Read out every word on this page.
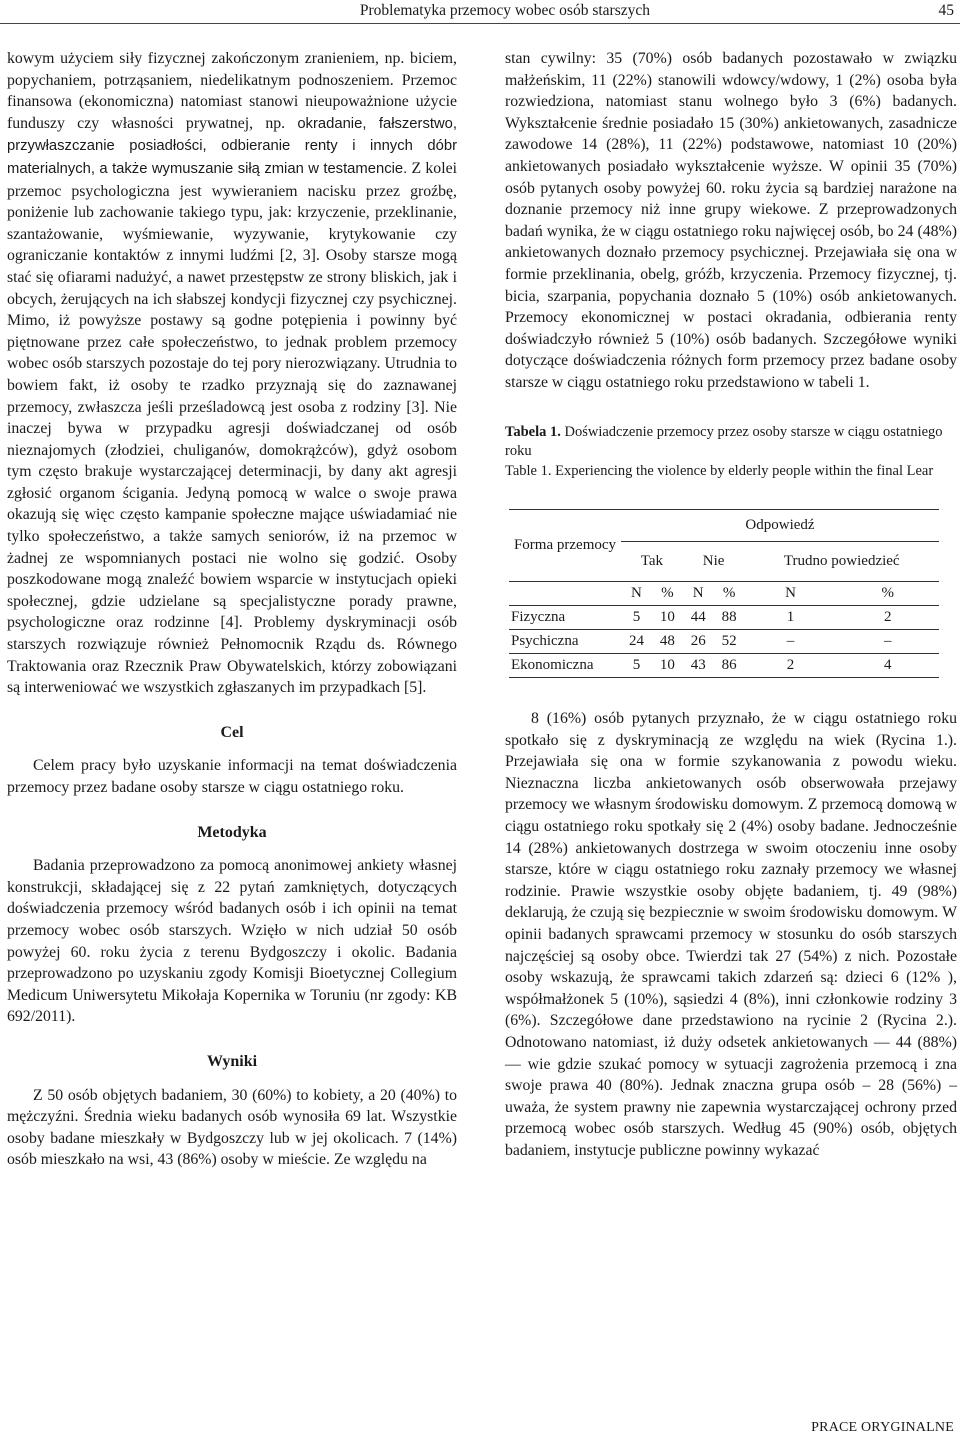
Problematyka przemocy wobec osób starszych	45

kowym użyciem siły fizycznej zakończonym zranieniem, np. biciem, popychaniem, potrząsaniem, niedelikatnym podnoszeniem. Przemoc finansowa (ekonomiczna) natomiast stanowi nieupoważnione użycie funduszy czy własności prywatnej, np. okradanie, fałszerstwo, przywłaszczanie posiadłości, odbieranie renty i innych dóbr materialnych, a także wymuszanie siłą zmian w testamencie. Z kolei przemoc psychologiczna jest wywieraniem nacisku przez groźbę, poniżenie lub zachowanie takiego typu, jak: krzyczenie, przeklinanie, szantażowanie, wyśmiewanie, wyzywanie, krytykowanie czy ograniczanie kontaktów z innymi ludźmi [2, 3]. Osoby starsze mogą stać się ofiarami nadużyć, a nawet przestępstw ze strony bliskich, jak i obcych, żerujących na ich słabszej kondycji fizycznej czy psychicznej. Mimo, iż powyższe postawy są godne potępienia i powinny być piętnowane przez całe społeczeństwo, to jednak problem przemocy wobec osób starszych pozostaje do tej pory nierozwiązany. Utrudnia to bowiem fakt, iż osoby te rzadko przyznają się do zaznawanej przemocy, zwłaszcza jeśli prześladowcą jest osoba z rodziny [3]. Nie inaczej bywa w przypadku agresji doświadczanej od osób nieznajomych (złodziei, chuliganów, domokrążców), gdyż osobom tym często brakuje wystarczającej determinacji, by dany akt agresji zgłosić organom ścigania. Jedyną pomocą w walce o swoje prawa okazują się więc często kampanie społeczne mające uświadamiać nie tylko społeczeństwo, a także samych seniorów, iż na przemoc w żadnej ze wspomnianych postaci nie wolno się godzić. Osoby poszkodowane mogą znaleźć bowiem wsparcie w instytucjach opieki społecznej, gdzie udzielane są specjalistyczne porady prawne, psychologiczne oraz rodzinne [4]. Problemy dyskryminacji osób starszych rozwiązuje również Pełnomocnik Rządu ds. Równego Traktowania oraz Rzecznik Praw Obywatelskich, którzy zobowiązani są interweniować we wszystkich zgłaszanych im przypadkach [5].

Cel

Celem pracy było uzyskanie informacji na temat doświadczenia przemocy przez badane osoby starsze w ciągu ostatniego roku.

Metodyka

Badania przeprowadzono za pomocą anonimowej ankiety własnej konstrukcji, składającej się z 22 pytań zamkniętych, dotyczących doświadczenia przemocy wśród badanych osób i ich opinii na temat przemocy wobec osób starszych. Wzięło w nich udział 50 osób powyżej 60. roku życia z terenu Bydgoszczy i okolic. Badania przeprowadzono po uzyskaniu zgody Komisji Bioetycznej Collegium Medicum Uniwersytetu Mikołaja Kopernika w Toruniu (nr zgody: KB 692/2011).

Wyniki

Z 50 osób objętych badaniem, 30 (60%) to kobiety, a 20 (40%) to mężczyźni. Średnia wieku badanych osób wynosiła 69 lat. Wszystkie osoby badane mieszkały w Bydgoszczy lub w jej okolicach. 7 (14%) osób mieszkało na wsi, 43 (86%) osoby w mieście. Ze względu na

stan cywilny: 35 (70%) osób badanych pozostawało w związku małżeńskim, 11 (22%) stanowili wdowcy/wdowy, 1 (2%) osoba była rozwiedziona, natomiast stanu wolnego było 3 (6%) badanych. Wykształcenie średnie posiadało 15 (30%) ankietowanych, zasadnicze zawodowe 14 (28%), 11 (22%) podstawowe, natomiast 10 (20%) ankietowanych posiadało wykształcenie wyższe. W opinii 35 (70%) osób pytanych osoby powyżej 60. roku życia są bardziej narażone na doznanie przemocy niż inne grupy wiekowe. Z przeprowadzonych badań wynika, że w ciągu ostatniego roku najwięcej osób, bo 24 (48%) ankietowanych doznało przemocy psychicznej. Przejawiała się ona w formie przeklinania, obelg, gróźb, krzyczenia. Przemocy fizycznej, tj. bicia, szarpania, popychania doznało 5 (10%) osób ankietowanych. Przemocy ekonomicznej w postaci okradania, odbierania renty doświadczyło również 5 (10%) osób badanych. Szczegółowe wyniki dotyczące doświadczenia różnych form przemocy przez badane osoby starsze w ciągu ostatniego roku przedstawiono w tabeli 1.

Tabela 1. Doświadczenie przemocy przez osoby starsze w ciągu ostatniego roku

Table 1. Experiencing the violence by elderly people within the final Lear

Forma przemocy	Odpowiedź					
	Tak		Nie		Trudno powiedzieć	
	N	%	N	%	N	%
Fizyczna	5	10	44	88	1	2
Psychiczna	24	48	26	52	–	–
Ekonomiczna	5	10	43	86	2	4

8 (16%) osób pytanych przyznało, że w ciągu ostatniego roku spotkało się z dyskryminacją ze względu na wiek (Rycina 1.). Przejawiała się ona w formie szykanowania z powodu wieku. Nieznaczna liczba ankietowanych osób obserwowała przejawy przemocy we własnym środowisku domowym. Z przemocą domową w ciągu ostatniego roku spotkały się 2 (4%) osoby badane. Jednocześnie 14 (28%) ankietowanych dostrzega w swoim otoczeniu inne osoby starsze, które w ciągu ostatniego roku zaznały przemocy we własnej rodzinie. Prawie wszystkie osoby objęte badaniem, tj. 49 (98%) deklarują, że czują się bezpiecznie w swoim środowisku domowym. W opinii badanych sprawcami przemocy w stosunku do osób starszych najczęściej są osoby obce. Twierdzi tak 27 (54%) z nich. Pozostałe osoby wskazują, że sprawcami takich zdarzeń są: dzieci 6 (12% ), współmałżonek 5 (10%), sąsiedzi 4 (8%), inni członkowie rodziny 3 (6%). Szczegółowe dane przedstawiono na rycinie 2 (Rycina 2.). Odnotowano natomiast, iż duży odsetek ankietowanych — 44 (88%) — wie gdzie szukać pomocy w sytuacji zagrożenia przemocą i zna swoje prawa 40 (80%). Jednak znaczna grupa osób – 28 (56%) – uważa, że system prawny nie zapewnia wystarczającej ochrony przed przemocą wobec osób starszych. Według 45 (90%) osób, objętych badaniem, instytucje publiczne powinny wykazać

PRACE ORYGINALNE
